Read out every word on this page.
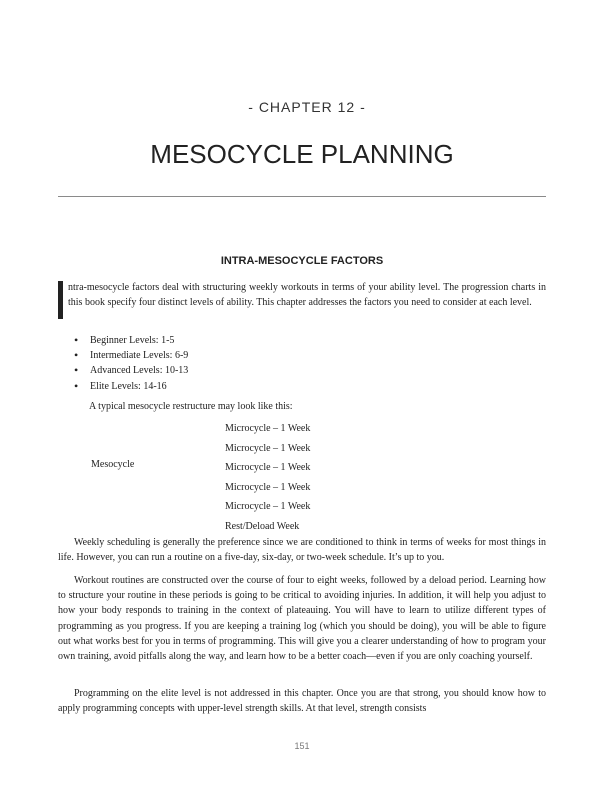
- CHAPTER 12 -
MESOCYCLE PLANNING
INTRA-MESOCYCLE FACTORS
ntra-mesocycle factors deal with structuring weekly workouts in terms of your ability level. The progression charts in this book specify four distinct levels of ability. This chapter addresses the factors you need to consider at each level.
• Beginner Levels: 1-5
• Intermediate Levels: 6-9
• Advanced Levels: 10-13
• Elite Levels: 14-16
A typical mesocycle restructure may look like this:
Mesocycle
Microcycle – 1 Week
Microcycle – 1 Week
Microcycle – 1 Week
Microcycle – 1 Week
Microcycle – 1 Week
Rest/Deload Week
Weekly scheduling is generally the preference since we are conditioned to think in terms of weeks for most things in life. However, you can run a routine on a five-day, six-day, or two-week schedule. It’s up to you.
Workout routines are constructed over the course of four to eight weeks, followed by a deload period. Learning how to structure your routine in these periods is going to be critical to avoiding injuries. In addition, it will help you adjust to how your body responds to training in the context of plateauing. You will have to learn to utilize different types of programming as you progress. If you are keeping a training log (which you should be doing), you will be able to figure out what works best for you in terms of programming. This will give you a clearer understanding of how to program your own training, avoid pitfalls along the way, and learn how to be a better coach—even if you are only coaching yourself.
Programming on the elite level is not addressed in this chapter. Once you are that strong, you should know how to apply programming concepts with upper-level strength skills. At that level, strength consists
151
